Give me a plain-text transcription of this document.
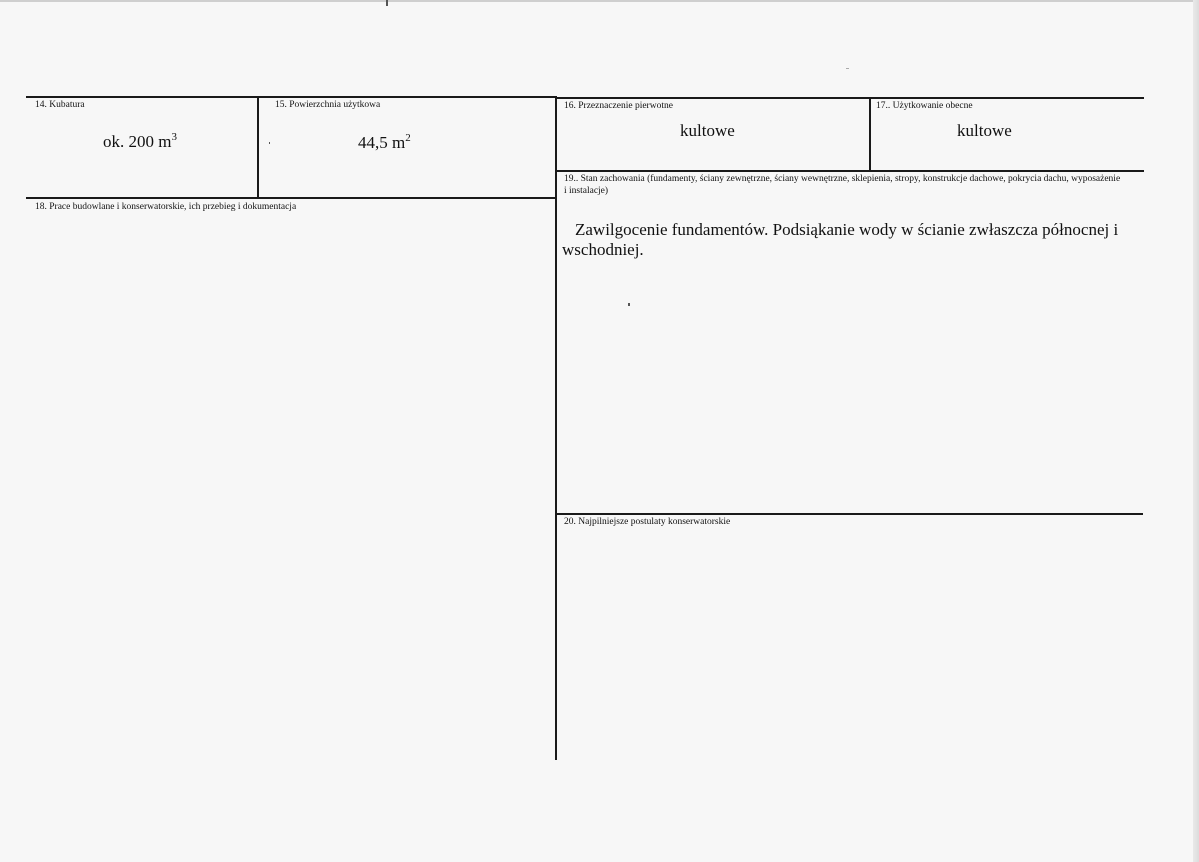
14. Kubatura
ok. 200 $m^3$
15. Powierzchnia użytkowa
44,5 $m^2$
16. Przeznaczenie pierwotne
kultowe
17.. Użytkowanie obecne
kultowe
18. Prace budowlane i konserwatorskie, ich przebieg i dokumentacja
19.. Stan zachowania (fundamenty, ściany zewnętrzne, ściany wewnętrzne, sklepienia, stropy, konstrukcje dachowe, pokrycia dachu, wyposażenie i instalacje)
Zawilgocenie fundamentów. Podsiąkanie wody w ścianie zwłaszcza północnej i wschodniej.
20. Najpilniejsze postulaty konserwatorskie
